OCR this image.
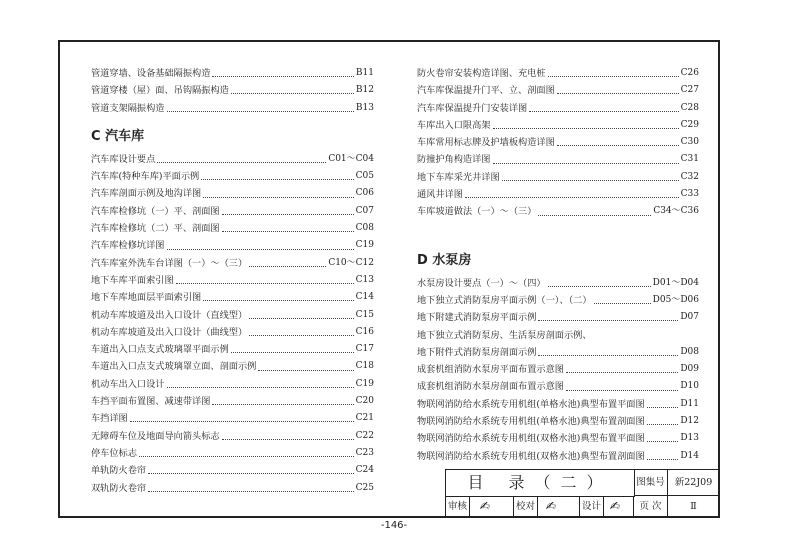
管道穿墙、设备基础隔振构造	B11
管道穿楼（屋）面、吊钩隔振构造	B12
管道支架隔振构造	B13
C 汽车库
汽车库设计要点	C01～C04
汽车库(特种车库)平面示例	C05
汽车库剖面示例及地沟详图	C06
汽车库检修坑（一）平、剖面图	C07
汽车库检修坑（二）平、剖面图	C08
汽车库检修坑详图	C19
汽车库室外洗车台详图（一）～（三）	C10～C12
地下车库平面索引图	C13
地下车库地面层平面索引图	C14
机动车库坡道及出入口设计（直线型）	C15
机动车库坡道及出入口设计（曲线型）	C16
车道出入口点支式玻璃罩平面示例	C17
车道出入口点支式玻璃罩立面、剖面示例	C18
机动车出入口设计	C19
车挡平面布置图、减速带详图	C20
车挡详图	C21
无障碍车位及地面导向箭头标志	C22
停车位标志	C23
单轨防火卷帘	C24
双轨防火卷帘	C25
防火卷帘安装构造详图、充电桩	C26
汽车库保温提升门平、立、剖面图	C27
汽车库保温提升门安装详图	C28
车库出入口限高架	C29
车库常用标志牌及护墙板构造详图	C30
防撞护角构造详图	C31
地下车库采光井详图	C32
通风井详图	C33
车库坡道做法（一）～（三）	C34～C36
D 水泵房
水泵房设计要点（一）～（四）	D01～D04
地下独立式消防泵房平面示例（一）、（二）	D05～D06
地下附建式消防泵房平面示例	D07
地下独立式消防泵房、生活泵房剖面示例、
地下附件式消防泵房剖面示例	D08
成套机组消防水泵房平面布置示意图	D09
成套机组消防水泵房剖面布置示意图	D10
物联网消防给水系统专用机组(单格水池)典型布置平面图	D11
物联网消防给水系统专用机组(单格水池)典型布置剖面图	D12
物联网消防给水系统专用机组(双格水池)典型布置平面图	D13
物联网消防给水系统专用机组(双格水池)典型布置剖面图	D14
目 录（二）	图集号	新22J09
审核 ✍	校对 ✍	设计 ✍	页 次	Ⅱ
-146-
